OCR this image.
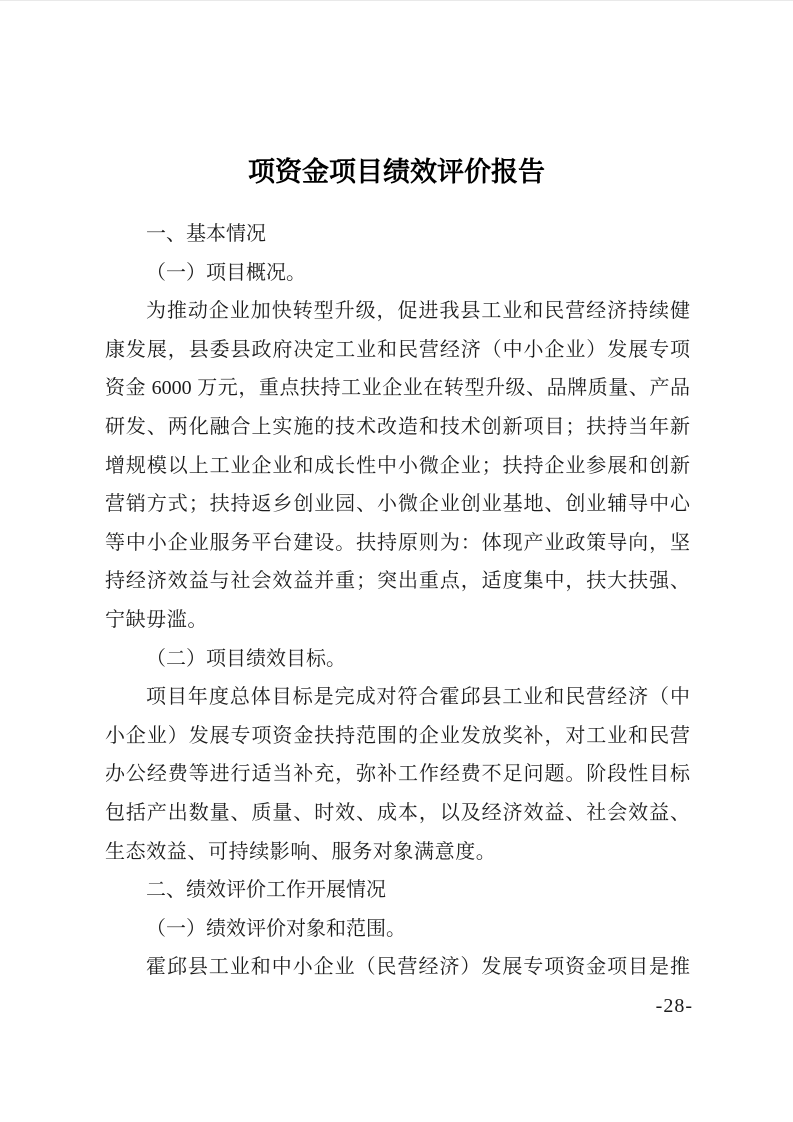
项资金项目绩效评价报告
一、基本情况
（一）项目概况。
为推动企业加快转型升级，促进我县工业和民营经济持续健
康发展，县委县政府决定工业和民营经济（中小企业）发展专项
资金 6000 万元，重点扶持工业企业在转型升级、品牌质量、产品
研发、两化融合上实施的技术改造和技术创新项目；扶持当年新
增规模以上工业企业和成长性中小微企业；扶持企业参展和创新
营销方式；扶持返乡创业园、小微企业创业基地、创业辅导中心
等中小企业服务平台建设。扶持原则为：体现产业政策导向，坚
持经济效益与社会效益并重；突出重点，适度集中，扶大扶强、
宁缺毋滥。
（二）项目绩效目标。
项目年度总体目标是完成对符合霍邱县工业和民营经济（中
小企业）发展专项资金扶持范围的企业发放奖补，对工业和民营
办公经费等进行适当补充，弥补工作经费不足问题。阶段性目标
包括产出数量、质量、时效、成本，以及经济效益、社会效益、
生态效益、可持续影响、服务对象满意度。
二、绩效评价工作开展情况
（一）绩效评价对象和范围。
霍邱县工业和中小企业（民营经济）发展专项资金项目是推
-28-
